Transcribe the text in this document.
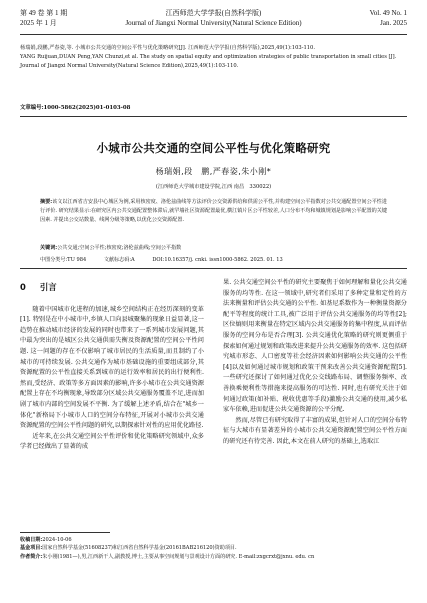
第 49 卷 第 1 期
2025 年 1 月
江西师范大学学报(自然科学版)
Journal of Jiangxi Normal University(Natural Science Edition)
Vol. 49 No. 1
Jan. 2025
杨瑞娟,段鹏,严春姿,等. 小城市公共交通的空间公平性与优化策略研究[J]. 江西师范大学学报(自然科学版),2025,49(1):103-110.
YANG Ruijuan,DUAN Peng,YAN Chunzi,et al. The study on spatial equity and optimization strategies of public transportation in small cities [J]. Journal of Jiangxi Normal University(Natural Science Edition),2025,49(1):103-110.
文章编号:1000-5862(2025)01-0103-08
小城市公共交通的空间公平性与优化策略研究
杨瑞娟,段　鹏,严春姿,朱小刚*
(江西师范大学城市建设学院,江西 南昌　330022)
摘要:该文以江西省吉安县中心城区为例,采用核密度、洛伦兹曲线等方法评价公交资源供给和供需公平性,并构建空间公平指数对公共交通配置空间公平性进行评价. 研究结果显示:在研究区内公共交通配置整体滞后,就罕墙社区资源配置最优,横江镇片区公平性较差,人口分布不均和城镇规划是影响公平配置的关键因素. 并提出公交站数量、线网分级等策略,以优化公交资源配置.
关键词:公共交通;空间公平性;核密度;洛伦兹曲线;空间公平指数
中图分类号:TU 984	文献标志码:A	DOI:10.16357/j. cnki. issn1000-5862. 2025. 01. 13
0 引言

随着中国城市化进程的加速,城乡空间结构正在经历深刻的变革[1]. 特别是在中小城市中,乡镇人口向县城聚集的现象日益显著,这一趋势在推动城市经济的发展的同时也带来了一系列城市发展问题,其中最为突出的是城区公共交通供需失衡及资源配置的空间公平性问题. 这一问题的存在不仅影响了城市居民的生活质量,而且制约了小城市的可持续发展. 公共交通作为城市基础设施的重要组成部分,其资源配置的公平性直接关系到城市的运行效率和居民的出行便利性. 然而,受经济、政策等多方面因素的影响,许多小城市在公共交通资源配置上存在不均衡现象,导致部分区域公共交通服务覆盖不足,进而加剧了城市内部的空间发展不平衡. 为了缓解上述矛盾,结合在"城乡一体化"新格局下小城市人口的空间分布特征,开展对小城市公共交通资源配置的空间公平性问题的研究,以期探索针对性的应用优化路径.

近年来,在公共交通空间公平性评价和优化策略研究领域中,众多学者已经做出了显著的成

果. 公共交通空间公平性的研究主要聚焦于如何理解和量化公共交通服务的均等性. 在这一领域中,研究者们采用了多种定量和定性的方法来衡量和评估公共交通的公平性. 如基尼系数作为一种衡量资源分配平等程度的统计工具,被广泛用于评估公共交通服务的均等性[2];区位熵则用来衡量在特定区域内公共交通服务的集中程度,从而评估服务的空间分布是否合理[3]. 公共交通优化策略的研究则更侧重于探索如何通过规划和政策改进来提升公共交通服务的效率. 这包括研究城市形态、人口密度等社会经济因素如何影响公共交通的公平性[4]以及如何通过城市规划和政策干预来改善公共交通资源配置[5]. 一些研究还探讨了如何通过优化公交线路布局、调整服务频率、改善换乘便利性等措施来提高服务的可达性. 同时,也有研究关注于如何通过政策(如补贴、税收优惠等手段)激励公共交通的使用,减少私家车依赖,进而促进公共交通资源的公平分配.

然而,尽管已有研究取得了丰富的成果,但针对人口的空间分布特征与大城市有显著差异的小城市公共交通资源配置空间公平性方面的研究还有待完善. 因此,本文在前人研究的基础上,选取江

收稿日期:2024-10-06
基金项目:国家自然科学基金(51608237)和江西省自然科学基金(20161BAB216120)资助项目.
作者简介:朱小刚(1981—),男,江西新干人,副教授,博士,主要从事空间规划与景观设计方面的研究. E-mail:zxgcrxt@jxnu. edu. cn
